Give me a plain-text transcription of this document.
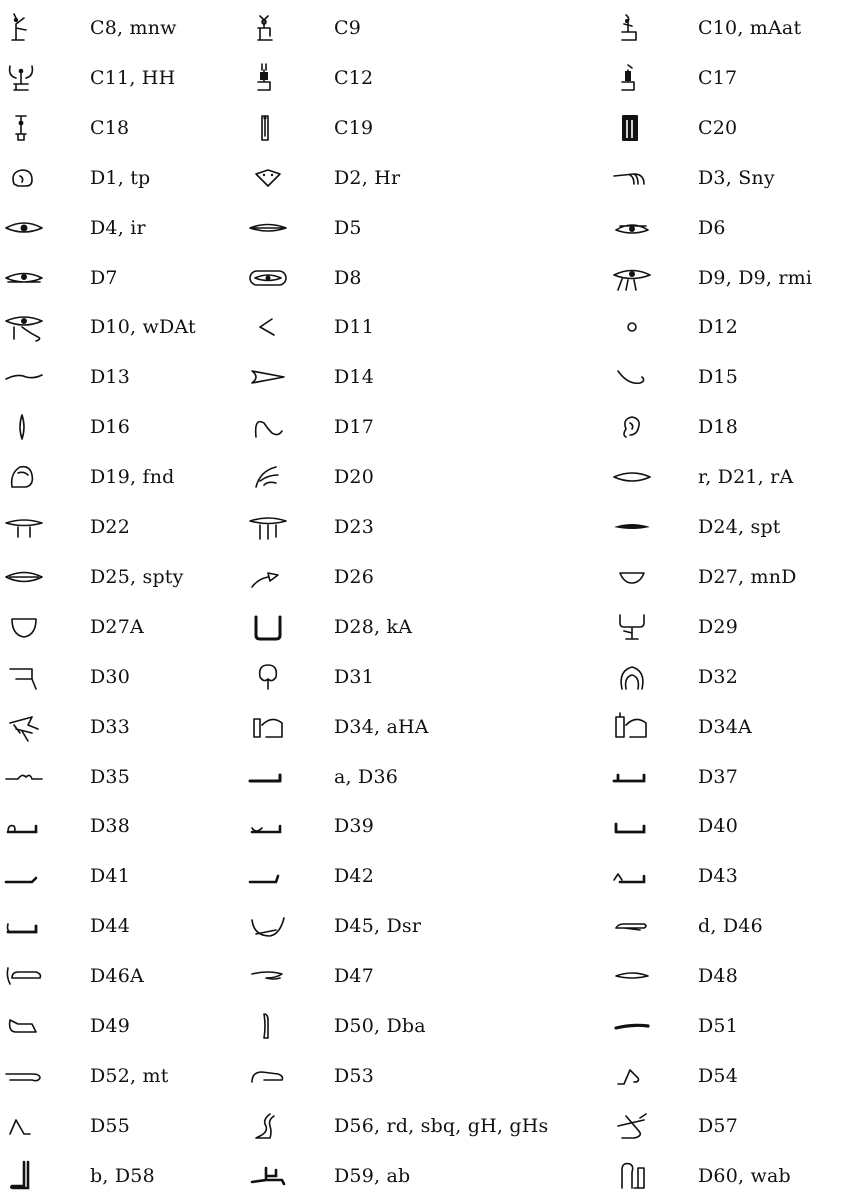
C8, mnw	C9	C10, mAat
C11, HH	C12	C17
C18	C19	C20
D1, tp	D2, Hr	D3, Sny
D4, ir	D5	D6
D7	D8	D9, D9, rmi
D10, wDAt	D11	D12
D13	D14	D15
D16	D17	D18
D19, fnd	D20	r, D21, rA
D22	D23	D24, spt
D25, spty	D26	D27, mnD
D27A	D28, kA	D29
D30	D31	D32
D33	D34, aHA	D34A
D35	a, D36	D37
D38	D39	D40
D41	D42	D43
D44	D45, Dsr	d, D46
D46A	D47	D48
D49	D50, Dba	D51
D52, mt	D53	D54
D55	D56, rd, sbq, gH, gHs	D57
b, D58	D59, ab	D60, wab
